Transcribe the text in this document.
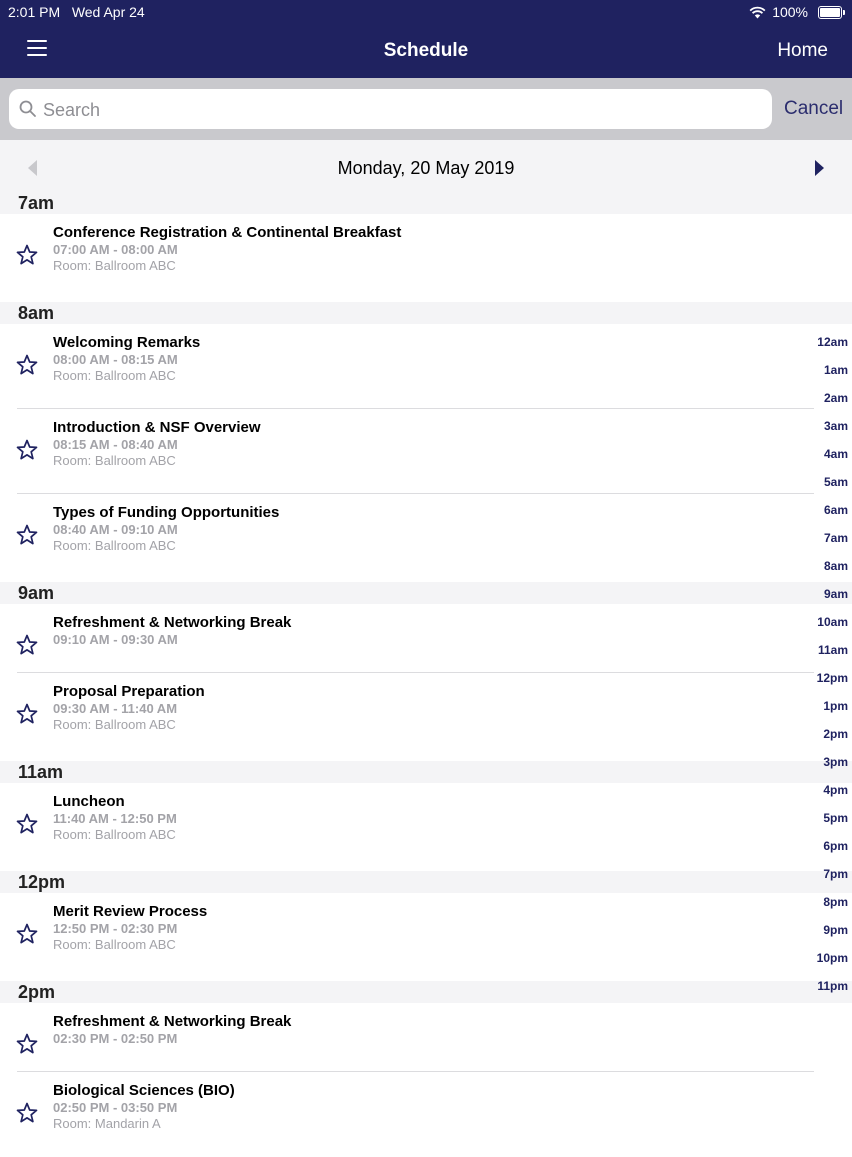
2:01 PM Wed Apr 24	100%
Schedule	Home
Search
Cancel
Monday, 20 May 2019
7am
Conference Registration & Continental Breakfast
07:00 AM - 08:00 AM
Room: Ballroom ABC
8am
Welcoming Remarks
08:00 AM - 08:15 AM
Room: Ballroom ABC
Introduction & NSF Overview
08:15 AM - 08:40 AM
Room: Ballroom ABC
Types of Funding Opportunities
08:40 AM - 09:10 AM
Room: Ballroom ABC
9am
Refreshment & Networking Break
09:10 AM - 09:30 AM
Proposal Preparation
09:30 AM - 11:40 AM
Room: Ballroom ABC
11am
Luncheon
11:40 AM - 12:50 PM
Room: Ballroom ABC
12pm
Merit Review Process
12:50 PM - 02:30 PM
Room: Ballroom ABC
2pm
Refreshment & Networking Break
02:30 PM - 02:50 PM
Biological Sciences (BIO)
02:50 PM - 03:50 PM
Room: Mandarin A
12am
1am
2am
3am
4am
5am
6am
7am
8am
9am
10am
11am
12pm
1pm
2pm
3pm
4pm
5pm
6pm
7pm
8pm
9pm
10pm
11pm
